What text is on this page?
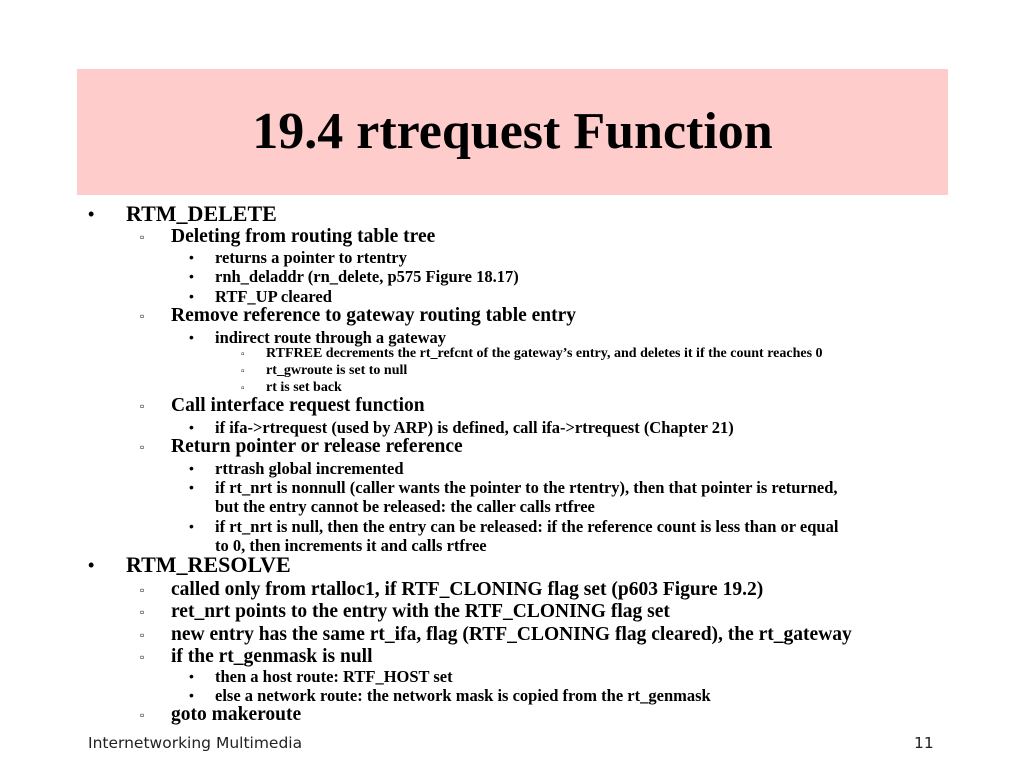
19.4 rtrequest Function
• RTM_DELETE
▫ Deleting from routing table tree
• returns a pointer to rtentry
• rnh_deladdr (rn_delete, p575 Figure 18.17)
• RTF_UP cleared
▫ Remove reference to gateway routing table entry
• indirect route through a gateway
▫ RTFREE decrements the rt_refcnt of the gateway’s entry, and deletes it if the count reaches 0
▫ rt_gwroute is set to null
▫ rt is set back
▫ Call interface request function
• if ifa->rtrequest (used by ARP) is defined, call ifa->rtrequest (Chapter 21)
▫ Return pointer or release reference
• rttrash global incremented
• if rt_nrt is nonnull (caller wants the pointer to the rtentry), then that pointer is returned,
but the entry cannot be released: the caller calls rtfree
• if rt_nrt is null, then the entry can be released: if the reference count is less than or equal
to 0, then increments it and calls rtfree
• RTM_RESOLVE
▫ called only from rtalloc1, if RTF_CLONING flag set (p603 Figure 19.2)
▫ ret_nrt points to the entry with the RTF_CLONING flag set
▫ new entry has the same rt_ifa, flag (RTF_CLONING flag cleared), the rt_gateway
▫ if the rt_genmask is null
• then a host route: RTF_HOST set
• else a network route: the network mask is copied from the rt_genmask
▫ goto makeroute
Internetworking Multimedia	11
